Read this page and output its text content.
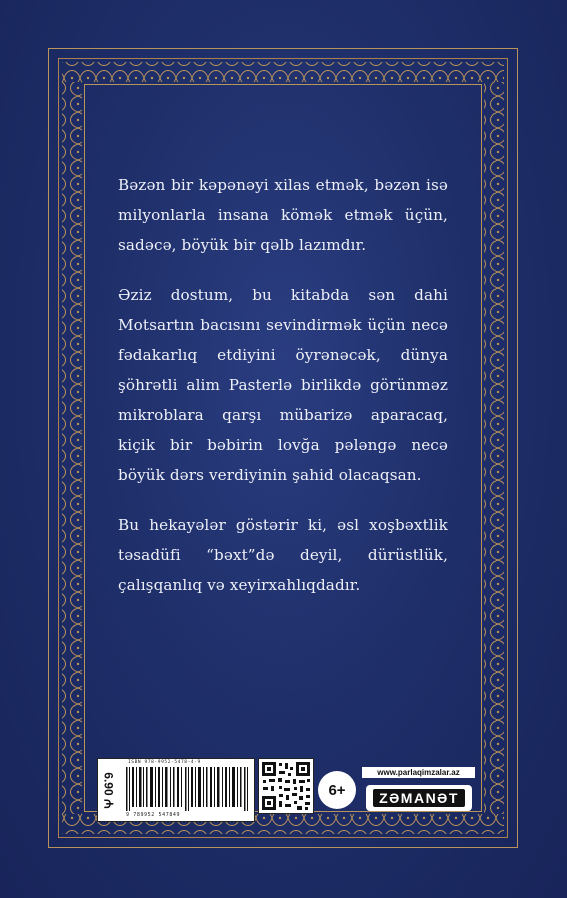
Bəzən bir kəpənəyi xilas etmək, bəzən isə milyonlarla insana kömək etmək üçün, sadəcə, böyük bir qəlb lazımdır.

Əziz dostum, bu kitabda sən dahi Motsartın bacısını sevindirmək üçün necə fədakarlıq etdiyini öyrənəcək, dünya şöhrətli alim Pasterlə birlikdə görünməz mikroblara qarşı mübarizə aparacaq, kiçik bir bəbirin lovğa pələngə necə böyük dərs verdiyinin şahid olacaqsan.

Bu hekayələr göstərir ki, əsl xoşbəxtlik təsadüfi “bəxt”də deyil, dürüstlük, çalışqanlıq və xeyirxahlıqdadır.

6.90 ₼
ISBN 978-9952-5478-4-9
9 789952 547849
6+
www.parlaqimzalar.az
ZƏMANƏT
